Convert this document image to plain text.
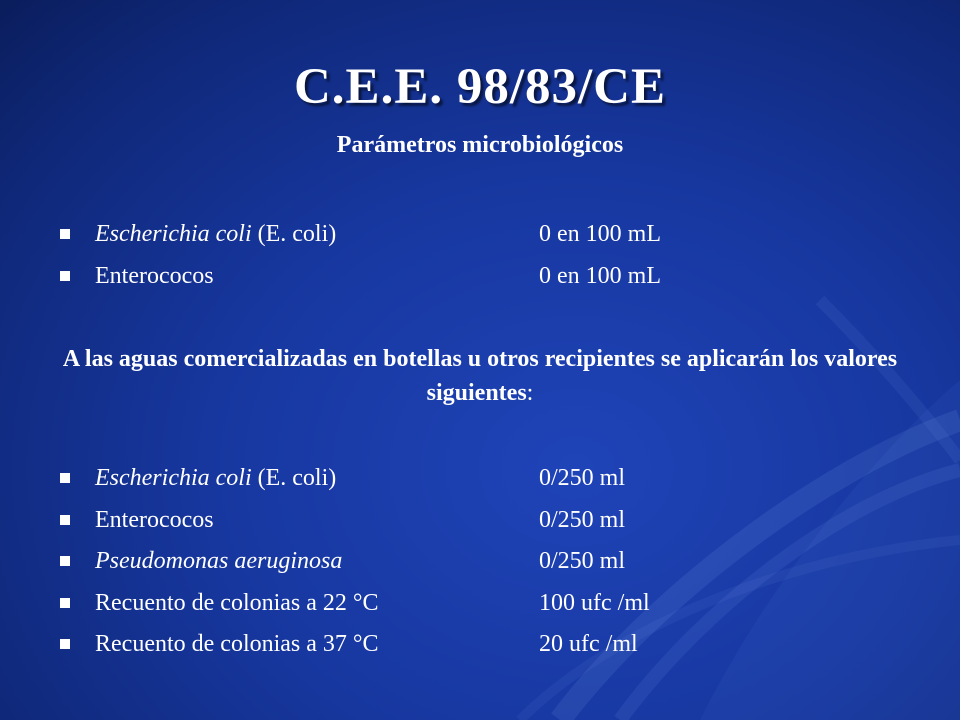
C.E.E. 98/83/CE
Parámetros microbiológicos
Escherichia coli (E. coli)	0 en 100 mL
Enterococos	0 en 100 mL
A las aguas comercializadas en botellas u otros recipientes se aplicarán los valores siguientes:
Escherichia coli (E. coli)	0/250 ml
Enterococos	0/250 ml
Pseudomonas aeruginosa	0/250 ml
Recuento de colonias a 22 °C	100 ufc /ml
Recuento de colonias a 37 °C	20 ufc /ml
